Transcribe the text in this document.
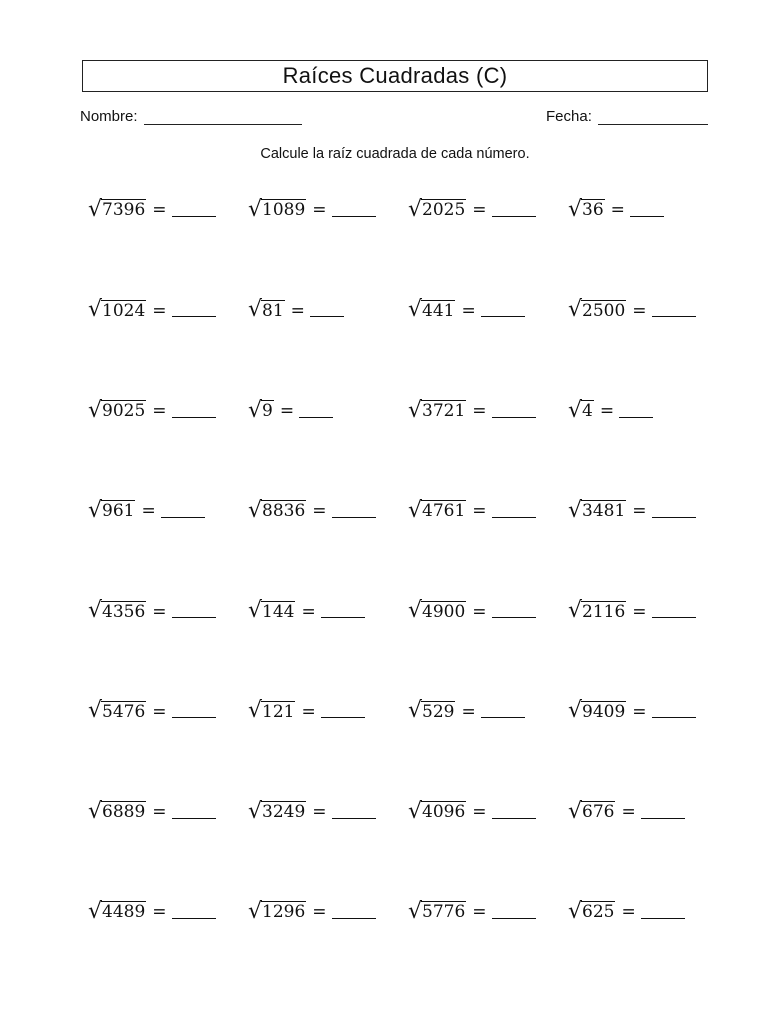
Raíces Cuadradas (C)
Nombre:	Fecha:
Calcule la raíz cuadrada de cada número.
√ 7396 =	√ 1089 =	√ 2025 =	√ 36 =
√ 1024 =	√ 81 =	√ 441 =	√ 2500 =
√ 9025 =	√ 9 =	√ 3721 =	√ 4 =
√ 961 =	√ 8836 =	√ 4761 =	√ 3481 =
√ 4356 =	√ 144 =	√ 4900 =	√ 2116 =
√ 5476 =	√ 121 =	√ 529 =	√ 9409 =
√ 6889 =	√ 3249 =	√ 4096 =	√ 676 =
√ 4489 =	√ 1296 =	√ 5776 =	√ 625 =
